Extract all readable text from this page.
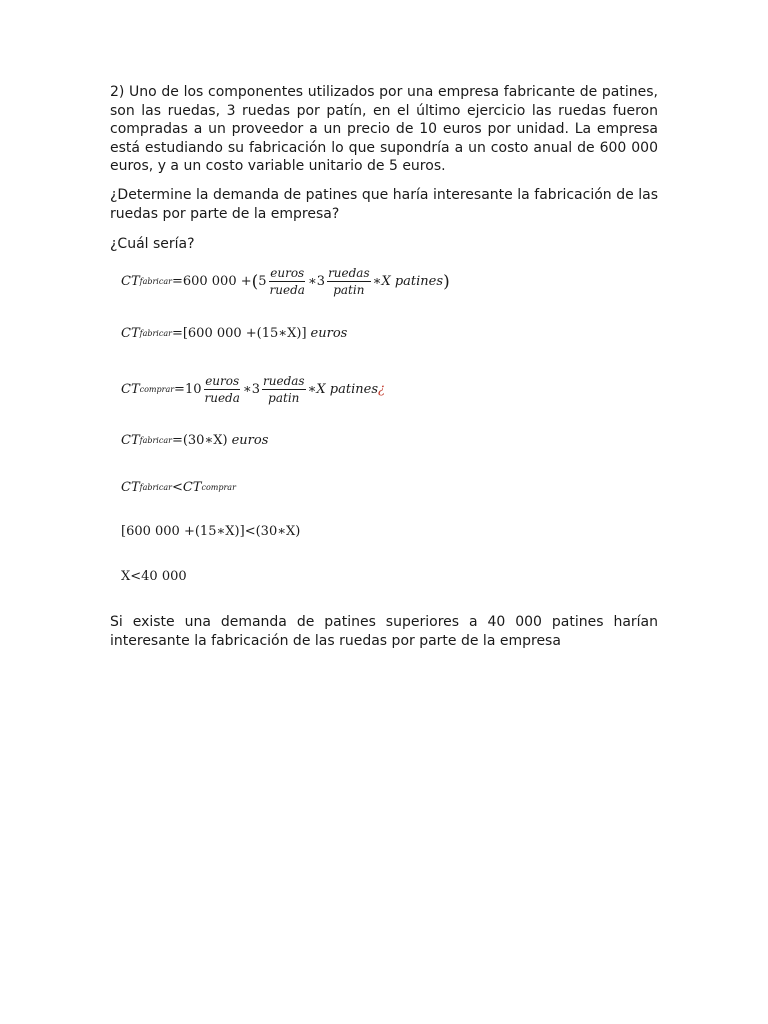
2) Uno de los componentes utilizados por una empresa fabricante de patines, son las ruedas, 3 ruedas por patín, en el último ejercicio las ruedas fueron compradas a un proveedor a un precio de 10 euros por unidad. La empresa está estudiando su fabricación lo que supondría a un costo anual de 600 000 euros, y a un costo variable unitario de 5 euros.

¿Determine la demanda de patines que haría interesante la fabricación de las ruedas por parte de la empresa?

¿Cuál sería?

CT fabricar =600 000 + ( $5 \frac{\text{euros}}{\text{rueda}}$ ∗3 $\frac{\text{ruedas}}{\text{patin}}$ ∗ X patines )
CT fabricar =[600 000 +(15∗X)] euros
CT comprar $=10 \frac{\text{euros}}{\text{rueda}}$ ∗3 $\frac{\text{ruedas}}{\text{patin}}$ ∗ X patines ¿
CT fabricar =(30∗X) euros
CT fabricar < CT comprar
[600 000 +(15∗X)]<(30∗X)
X<40 000

Si existe una demanda de patines superiores a 40 000 patines harían interesante la fabricación de las ruedas por parte de la empresa
